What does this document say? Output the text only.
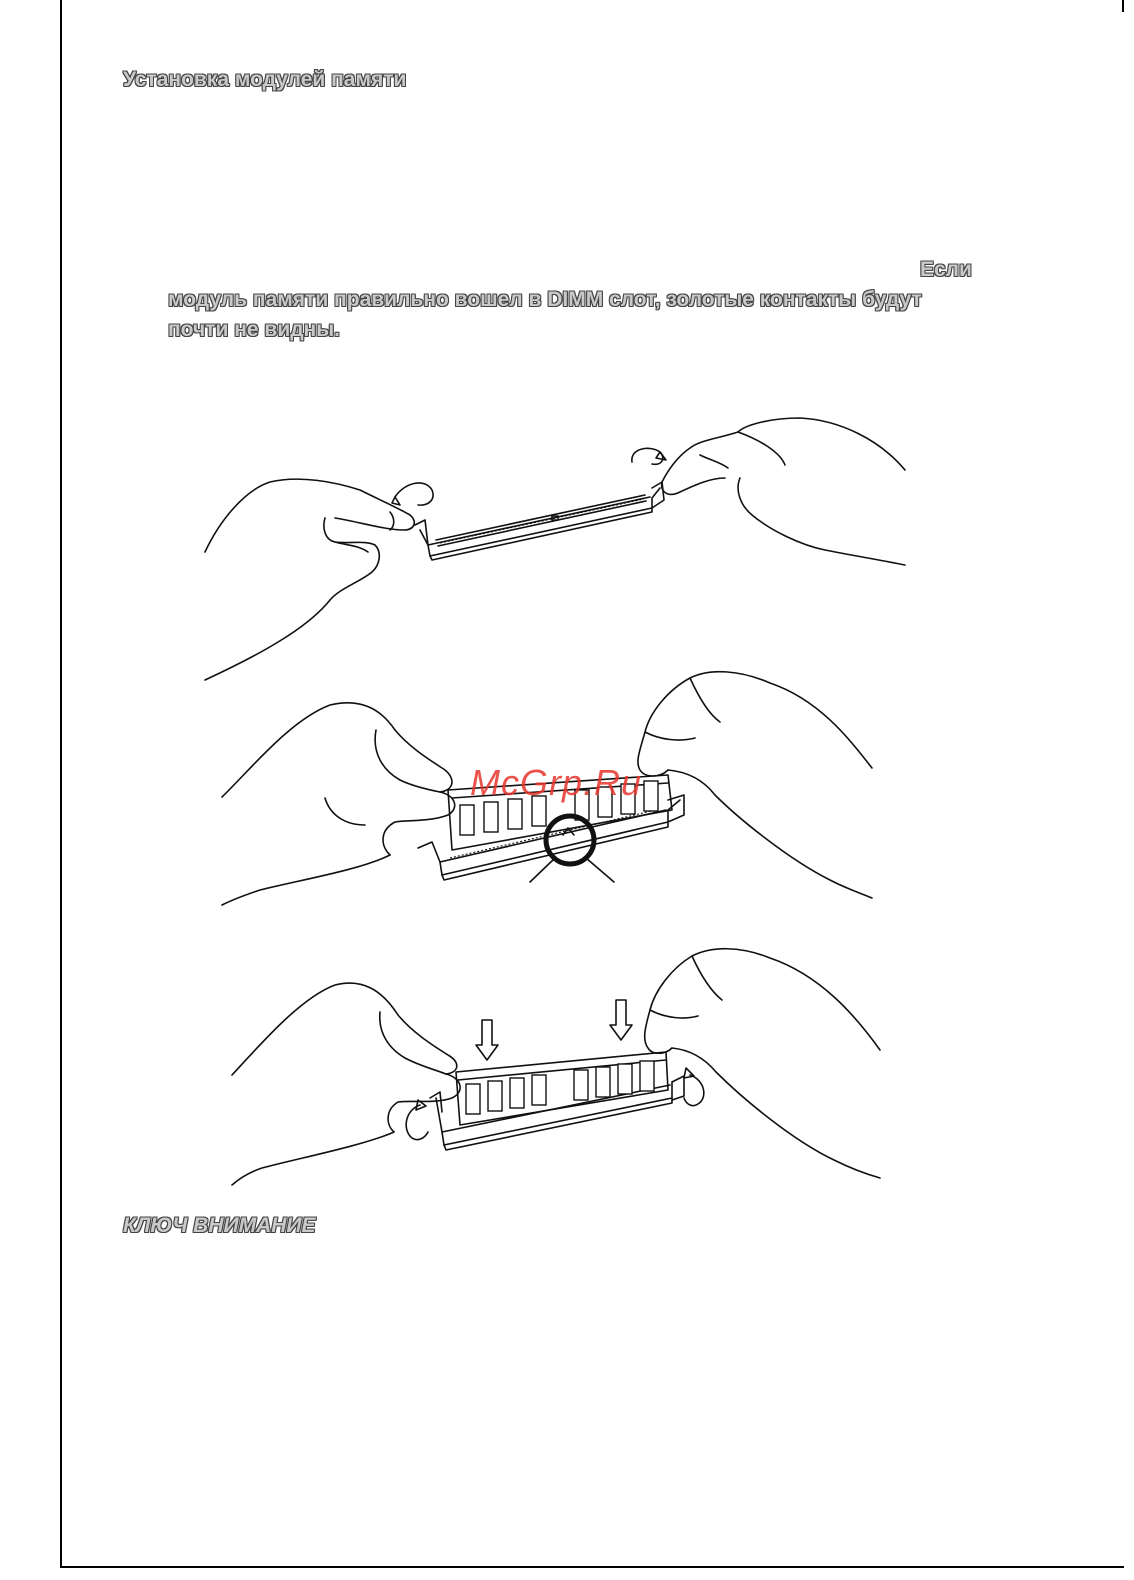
Установка модулей памяти
Если
модуль памяти правильно вошел в DIMM слот, золотые контакты будут
почти не видны.
McGrp.Ru
КЛЮЧ ВНИМАНИЕ
